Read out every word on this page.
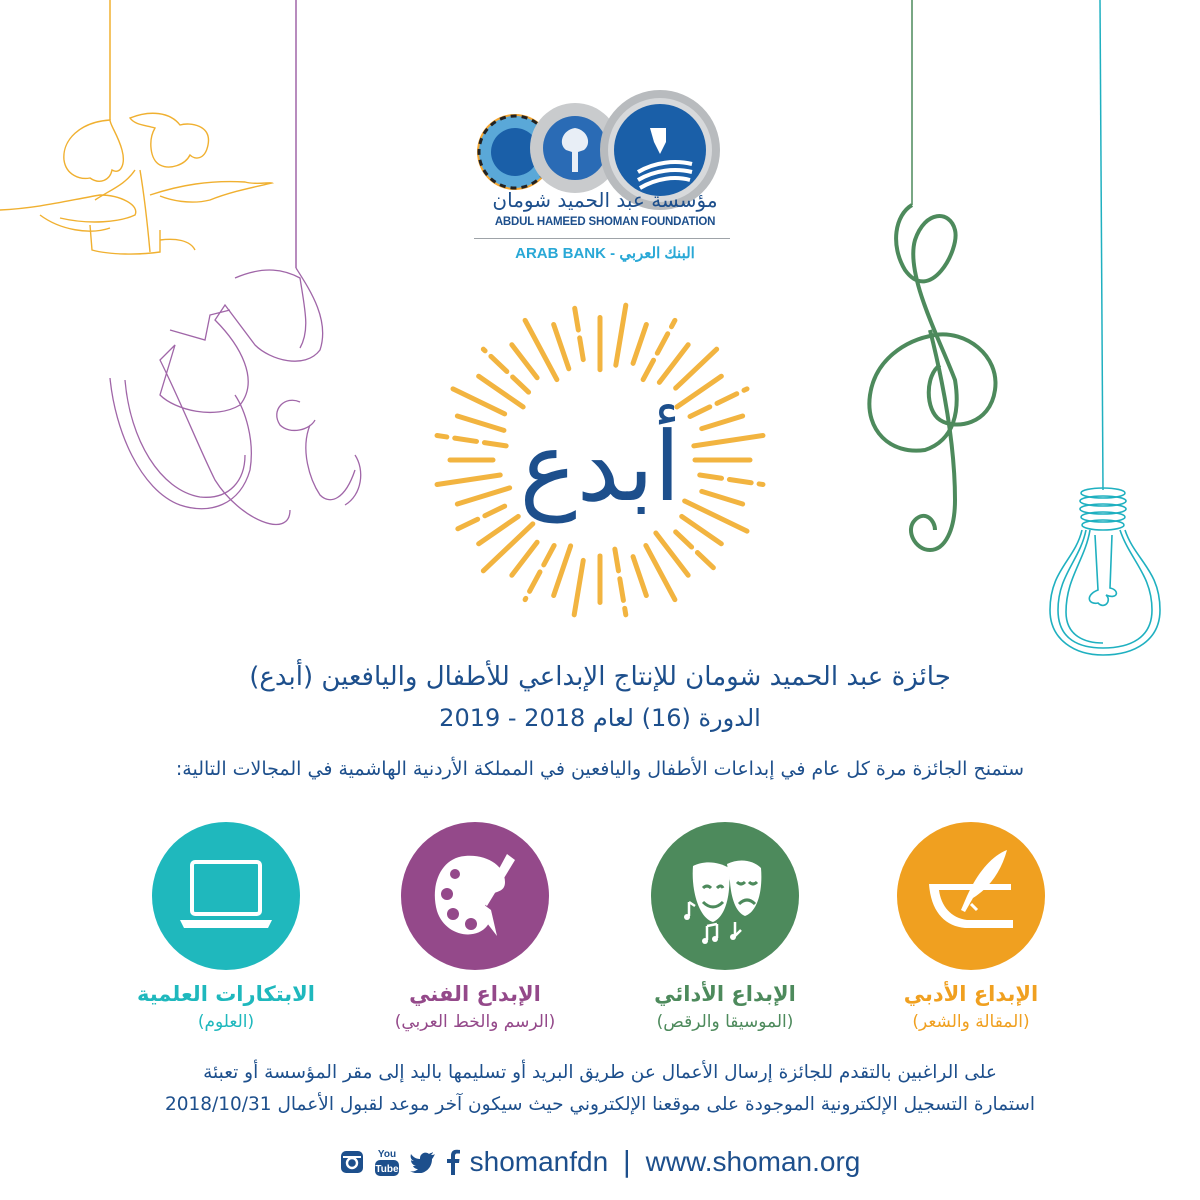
مؤسسة عبد الحميد شومان
ABDUL HAMEED SHOMAN FOUNDATION
ARAB BANK - البنك العربي
أبدع
جائزة عبد الحميد شومان للإنتاج الإبداعي للأطفال واليافعين (أبدع)
الدورة (16) لعام 2018 - 2019
ستمنح الجائزة مرة كل عام في إبداعات الأطفال واليافعين في المملكة الأردنية الهاشمية في المجالات التالية:
الابتكارات العلمية
(العلوم)
الإبداع الفني
(الرسم والخط العربي)
الإبداع الأدائي
(الموسيقا والرقص)
الإبداع الأدبي
(المقالة والشعر)
على الراغبين بالتقدم للجائزة إرسال الأعمال عن طريق البريد أو تسليمها باليد إلى مقر المؤسسة أو تعبئة
استمارة التسجيل الإلكترونية الموجودة على موقعنا الإلكتروني حيث سيكون آخر موعد لقبول الأعمال 2018/10/31
You
Tube	shomanfdn | www.shoman.org
